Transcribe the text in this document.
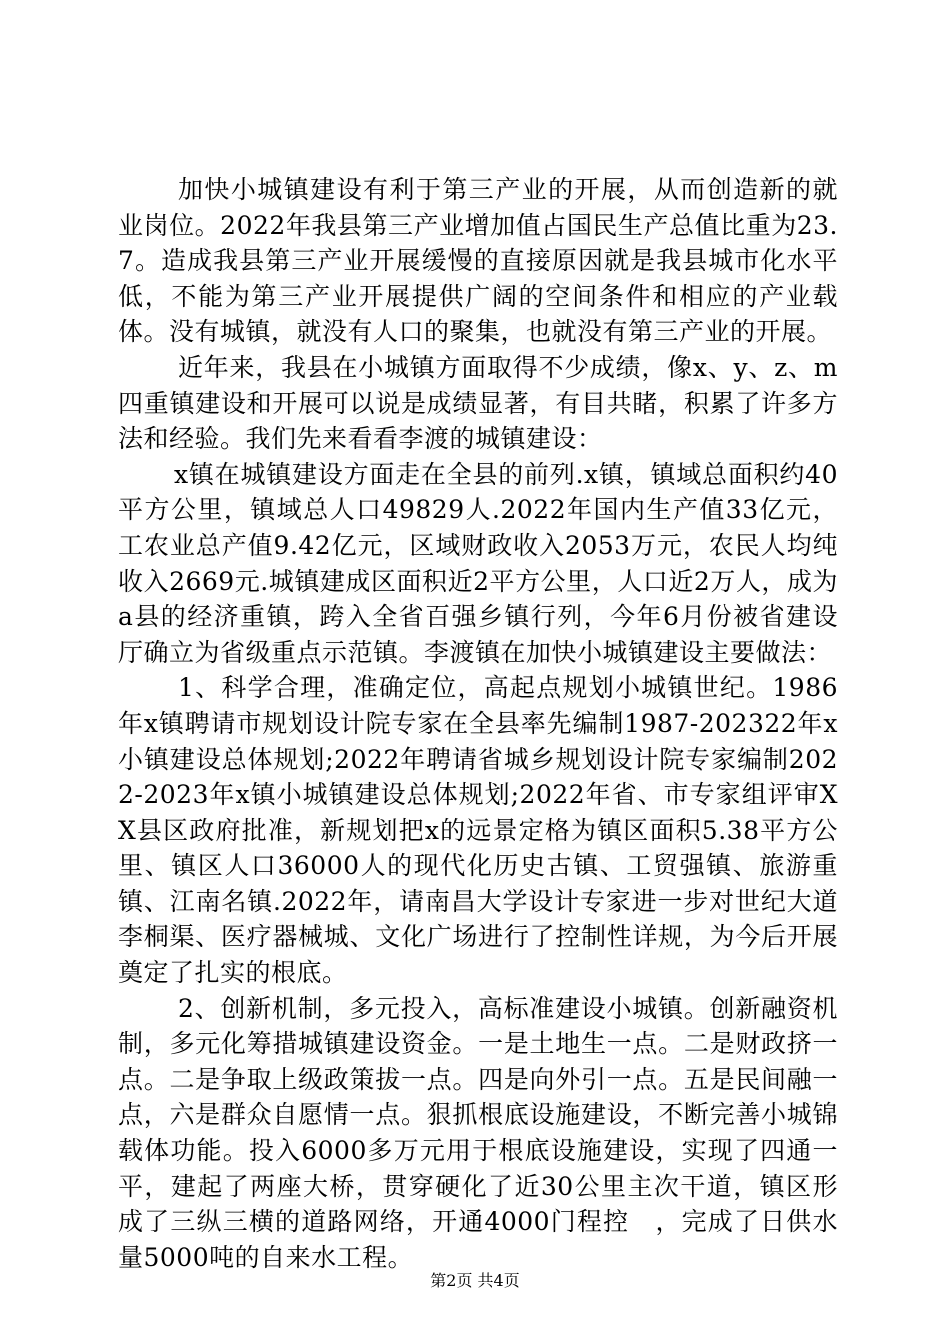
加快小城镇建设有利于第三产业的开展，从而创造新的就业岗位。2022年我县第三产业增加值占国民生产总值比重为23.7。造成我县第三产业开展缓慢的直接原因就是我县城市化水平低，不能为第三产业开展提供广阔的空间条件和相应的产业载体。没有城镇，就没有人口的聚集，也就没有第三产业的开展。

近年来，我县在小城镇方面取得不少成绩，像x、y、z、m四重镇建设和开展可以说是成绩显著，有目共睹，积累了许多方法和经验。我们先来看看李渡的城镇建设：

x镇在城镇建设方面走在全县的前列.x镇，镇域总面积约40平方公里，镇域总人口49829人.2022年国内生产值33亿元，工农业总产值9.42亿元，区域财政收入2053万元，农民人均纯收入2669元.城镇建成区面积近2平方公里，人口近2万人，成为a县的经济重镇，跨入全省百强乡镇行列，今年6月份被省建设厅确立为省级重点示范镇。李渡镇在加快小城镇建设主要做法：

1、科学合理，准确定位，高起点规划小城镇世纪。1986年x镇聘请市规划设计院专家在全县率先编制1987-202322年x小镇建设总体规划;2022年聘请省城乡规划设计院专家编制2022-2023年x镇小城镇建设总体规划;2022年省、市专家组评审XX县区政府批准，新规划把x的远景定格为镇区面积5.38平方公里、镇区人口36000人的现代化历史古镇、工贸强镇、旅游重镇、江南名镇.2022年，请南昌大学设计专家进一步对世纪大道李桐渠、医疗器械城、文化广场进行了控制性详规，为今后开展奠定了扎实的根底。

2、创新机制，多元投入，高标准建设小城镇。创新融资机制，多元化筹措城镇建设资金。一是土地生一点。二是财政挤一点。二是争取上级政策拔一点。四是向外引一点。五是民间融一点，六是群众自愿情一点。狠抓根底设施建设，不断完善小城锦载体功能。投入6000多万元用于根底设施建设，实现了四通一平，建起了两座大桥，贯穿硬化了近30公里主次干道，镇区形成了三纵三横的道路网络，开通4000门程控　，完成了日供水量5000吨的自来水工程。

第2页 共4页
